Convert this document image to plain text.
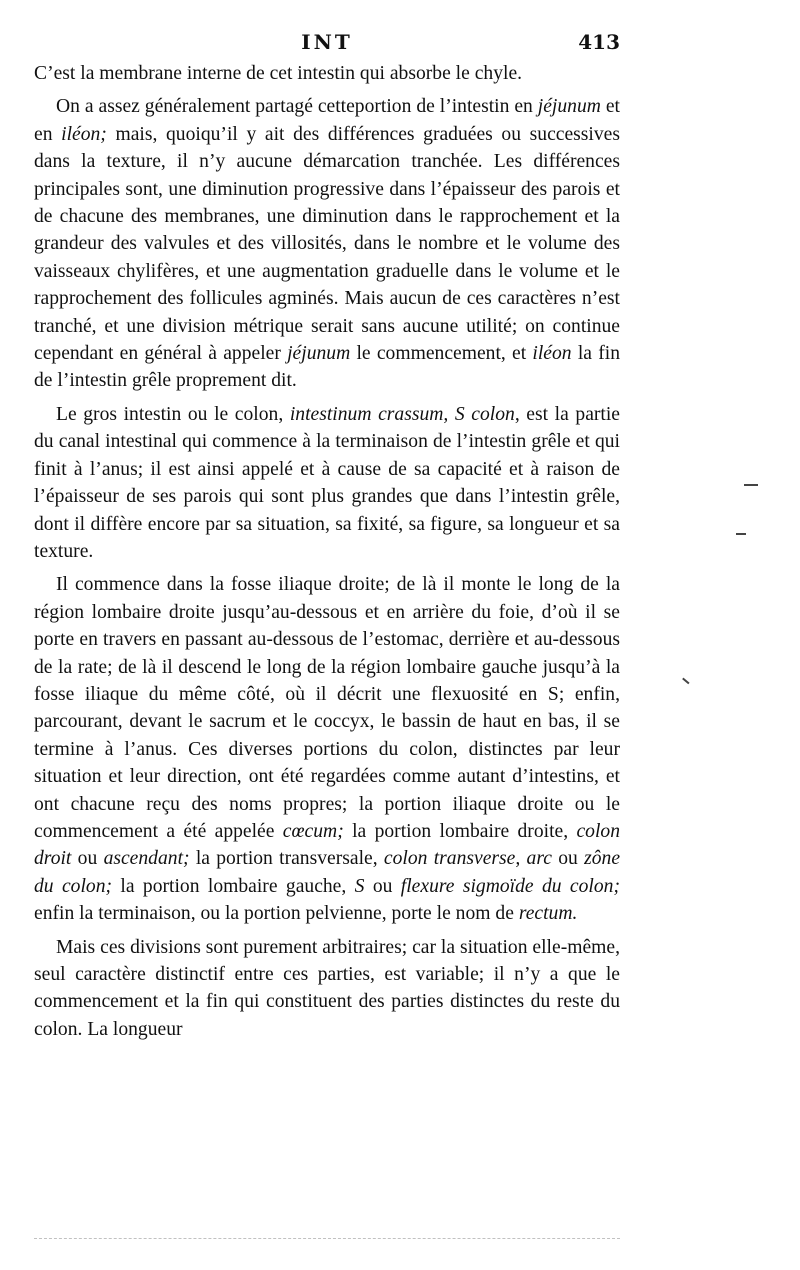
INT	413

C’est la membrane interne de cet intestin qui absorbe le chyle.

On a assez généralement partagé cetteportion de l’intestin en jéjunum et en iléon; mais, quoiqu’il y ait des différences graduées ou successives dans la texture, il n’y aucune démarcation tranchée. Les différences principales sont, une diminution progressive dans l’épaisseur des parois et de chacune des membranes, une diminution dans le rapprochement et la grandeur des valvules et des villosités, dans le nombre et le volume des vaisseaux chylifères, et une augmentation graduelle dans le volume et le rapprochement des follicules agminés. Mais aucun de ces caractères n’est tranché, et une division métrique serait sans aucune utilité; on continue cependant en général à appeler jéjunum le commencement, et iléon la fin de l’intestin grêle proprement dit.

Le gros intestin ou le colon, intestinum crassum, S colon, est la partie du canal intestinal qui commence à la terminaison de l’intestin grêle et qui finit à l’anus; il est ainsi appelé et à cause de sa capacité et à raison de l’épaisseur de ses parois qui sont plus grandes que dans l’intestin grêle, dont il diffère encore par sa situation, sa fixité, sa figure, sa longueur et sa texture.

Il commence dans la fosse iliaque droite; de là il monte le long de la région lombaire droite jusqu’au-dessous et en arrière du foie, d’où il se porte en travers en passant au-dessous de l’estomac, derrière et au-dessous de la rate; de là il descend le long de la région lombaire gauche jusqu’à la fosse iliaque du même côté, où il décrit une flexuosité en S; enfin, parcourant, devant le sacrum et le coccyx, le bassin de haut en bas, il se termine à l’anus. Ces diverses portions du colon, distinctes par leur situation et leur direction, ont été regardées comme autant d’intestins, et ont chacune reçu des noms propres; la portion iliaque droite ou le commencement a été appelée cœcum; la portion lombaire droite, colon droit ou ascendant; la portion transversale, colon transverse, arc ou zône du colon; la portion lombaire gauche, S ou flexure sigmoïde du colon; enfin la terminaison, ou la portion pelvienne, porte le nom de rectum.

Mais ces divisions sont purement arbitraires; car la situation elle-même, seul caractère distinctif entre ces parties, est variable; il n’y a que le commencement et la fin qui constituent des parties distinctes du reste du colon. La longueur
